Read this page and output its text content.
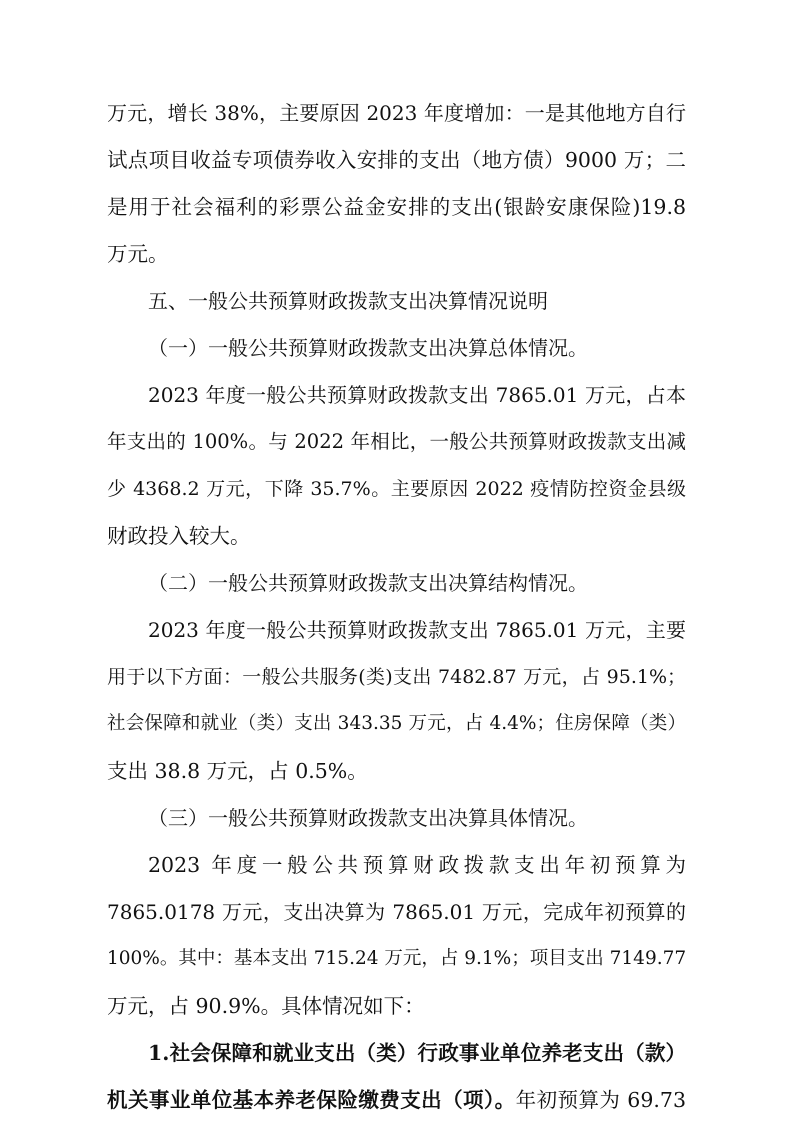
万元，增长 38%，主要原因 2023 年度增加：一是其他地方自行
试点项目收益专项债券收入安排的支出（地方债）9000 万；二
是用于社会福利的彩票公益金安排的支出(银龄安康保险)19.8
万元。
五、一般公共预算财政拨款支出决算情况说明
（一）一般公共预算财政拨款支出决算总体情况。
2023 年度一般公共预算财政拨款支出 7865.01 万元，占本
年支出的 100%。与 2022 年相比，一般公共预算财政拨款支出减
少 4368.2 万元，下降 35.7%。主要原因 2022 疫情防控资金县级
财政投入较大。
（二）一般公共预算财政拨款支出决算结构情况。
2023 年度一般公共预算财政拨款支出 7865.01 万元，主要
用于以下方面：一般公共服务(类)支出 7482.87 万元，占 95.1%；
社会保障和就业（类）支出 343.35 万元，占 4.4%；住房保障（类）
支出 38.8 万元，占 0.5%。
（三）一般公共预算财政拨款支出决算具体情况。
2023 年度一般公共预算财政拨款支出年初预算为
7865.0178 万元，支出决算为 7865.01 万元，完成年初预算的
100%。其中：基本支出 715.24 万元，占 9.1%；项目支出 7149.77
万元，占 90.9%。具体情况如下：
1.社会保障和就业支出（类）行政事业单位养老支出（款）
机关事业单位基本养老保险缴费支出（项）。年初预算为 69.73
